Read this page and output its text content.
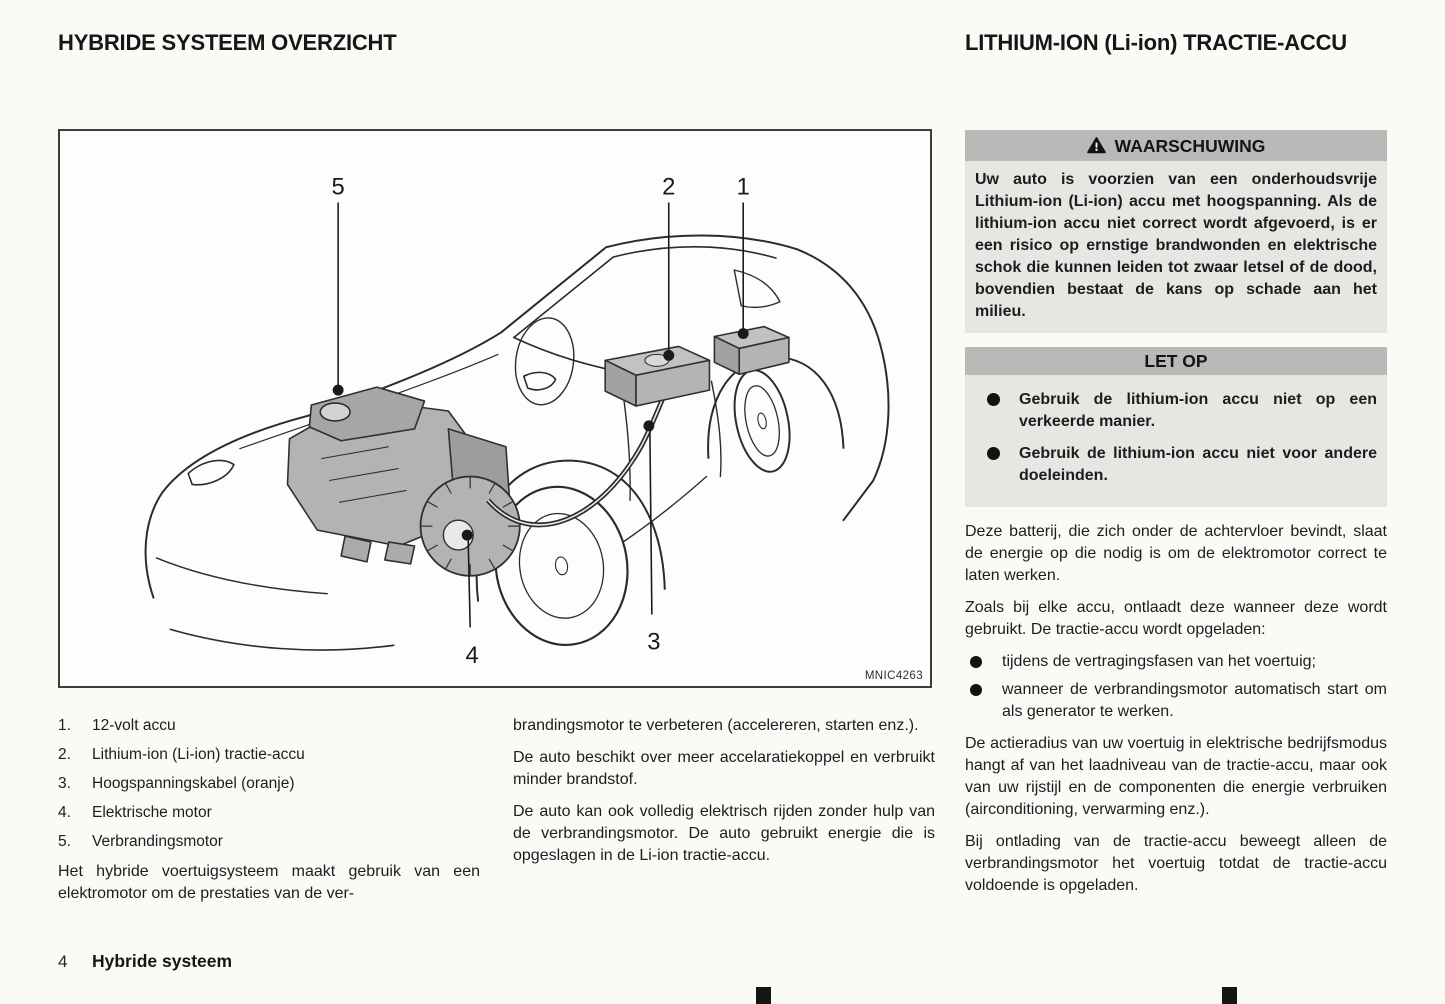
HYBRIDE SYSTEEM OVERZICHT	LITHIUM-ION (Li-ion) TRACTIE-ACCU
5	2	1
3
4
MNIC4263
1.	12-volt accu
2.	Lithium-ion (Li-ion) tractie-accu
3.	Hoogspanningskabel (oranje)
4.	Elektrische motor
5.	Verbrandingsmotor

Het hybride voertuigsysteem maakt gebruik van een elektromotor om de prestaties van de ver-

brandingsmotor te verbeteren (accelereren, starten enz.).

De auto beschikt over meer accelaratiekoppel en verbruikt minder brandstof.

De auto kan ook volledig elektrisch rijden zonder hulp van de verbrandingsmotor. De auto gebruikt energie die is opgeslagen in de Li-ion tractie-accu.

WAARSCHUWING

Uw auto is voorzien van een onderhoudsvrije Lithium-ion (Li-ion) accu met hoogspanning. Als de lithium-ion accu niet correct wordt afgevoerd, is er een risico op ernstige brandwonden en elektrische schok die kunnen leiden tot zwaar letsel of de dood, bovendien bestaat de kans op schade aan het milieu.

LET OP
Gebruik de lithium-ion accu niet op een verkeerde manier.
Gebruik de lithium-ion accu niet voor andere doeleinden.

Deze batterij, die zich onder de achtervloer bevindt, slaat de energie op die nodig is om de elektromotor correct te laten werken.

Zoals bij elke accu, ontlaadt deze wanneer deze wordt gebruikt. De tractie-accu wordt opgeladen:

tijdens de vertragingsfasen van het voertuig;
wanneer de verbrandingsmotor automatisch start om als generator te werken.

De actieradius van uw voertuig in elektrische bedrijfsmodus hangt af van het laadniveau van de tractie-accu, maar ook van uw rijstijl en de componenten die energie verbruiken (airconditioning, verwarming enz.).

Bij ontlading van de tractie-accu beweegt alleen de verbrandingsmotor het voertuig totdat de tractie-accu voldoende is opgeladen.

4	Hybride systeem
